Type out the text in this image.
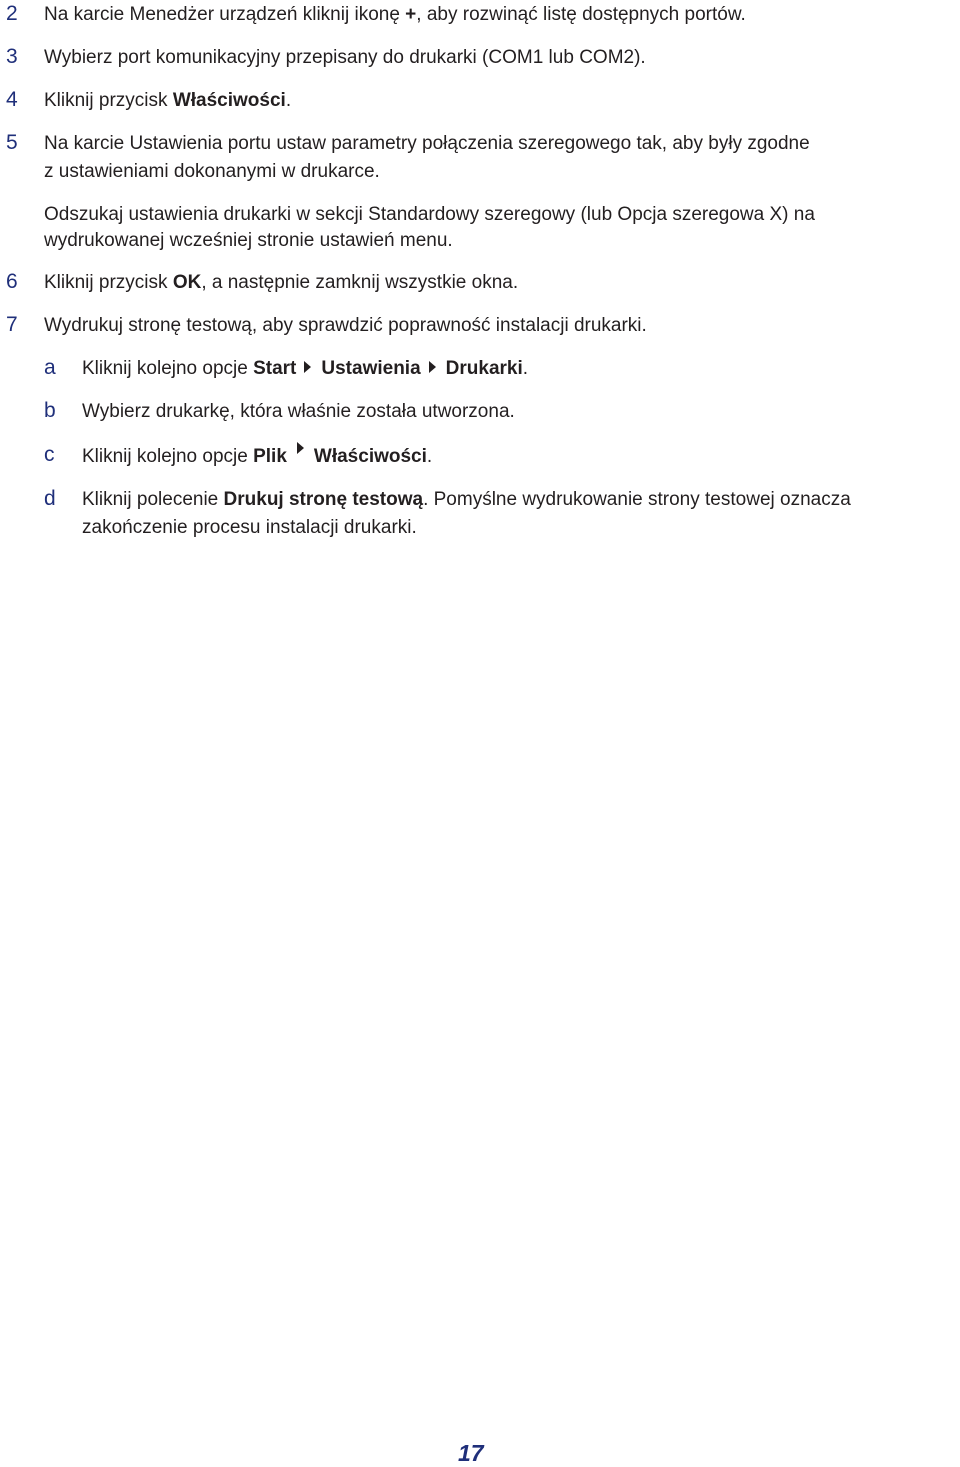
2 Na karcie Menedżer urządzeń kliknij ikonę +, aby rozwinąć listę dostępnych portów.
3 Wybierz port komunikacyjny przepisany do drukarki (COM1 lub COM2).
4 Kliknij przycisk Właściwości.
5 Na karcie Ustawienia portu ustaw parametry połączenia szeregowego tak, aby były zgodne
z ustawieniami dokonanymi w drukarce.
Odszukaj ustawienia drukarki w sekcji Standardowy szeregowy (lub Opcja szeregowa X) na
wydrukowanej wcześniej stronie ustawień menu.
6 Kliknij przycisk OK, a następnie zamknij wszystkie okna.
7 Wydrukuj stronę testową, aby sprawdzić poprawność instalacji drukarki.
a Kliknij kolejno opcje Start Ustawienia Drukarki.
b Wybierz drukarkę, która właśnie została utworzona.
c Kliknij kolejno opcje Plik Właściwości.
d Kliknij polecenie Drukuj stronę testową. Pomyślne wydrukowanie strony testowej oznacza
zakończenie procesu instalacji drukarki.
17
